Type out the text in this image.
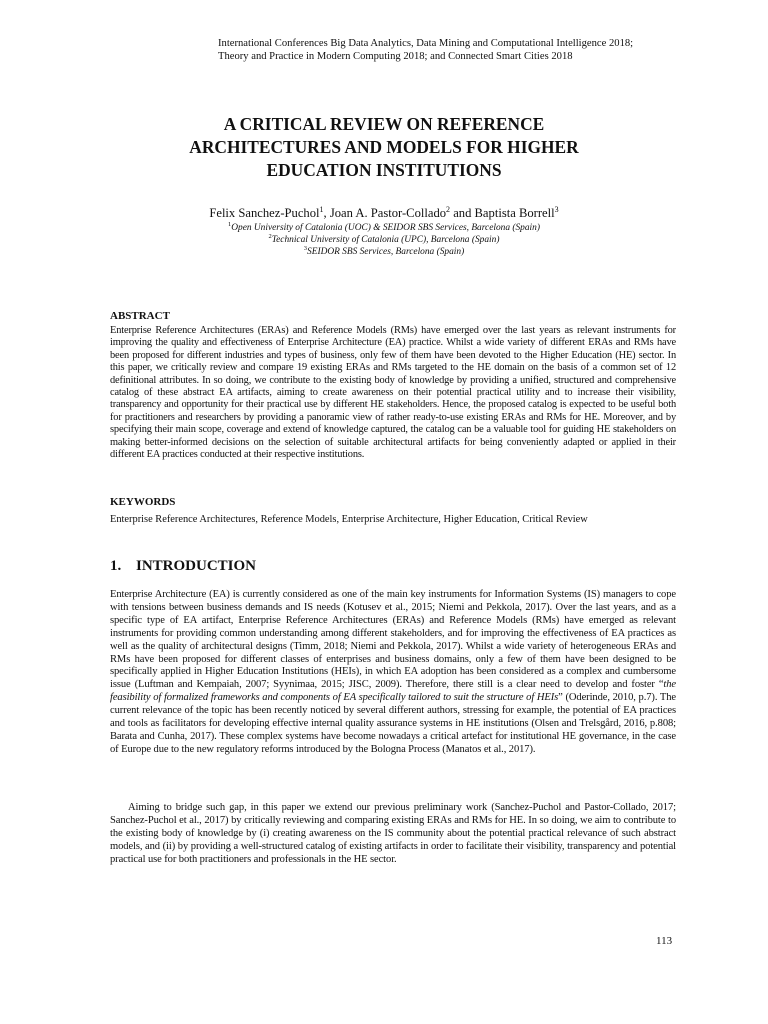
International Conferences Big Data Analytics, Data Mining and Computational Intelligence 2018;
Theory and Practice in Modern Computing 2018; and Connected Smart Cities 2018
A CRITICAL REVIEW ON REFERENCE
ARCHITECTURES AND MODELS FOR HIGHER
EDUCATION INSTITUTIONS
Felix Sanchez-Puchol$^1$, Joan A. Pastor-Collado$^2$ and Baptista Borrell$^3$
$^1$Open University of Catalonia (UOC) & SEIDOR SBS Services, Barcelona (Spain)
$^2$Technical University of Catalonia (UPC), Barcelona (Spain)
$^3$SEIDOR SBS Services, Barcelona (Spain)
ABSTRACT

Enterprise Reference Architectures (ERAs) and Reference Models (RMs) have emerged over the last years as relevant instruments for improving the quality and effectiveness of Enterprise Architecture (EA) practice. Whilst a wide variety of different ERAs and RMs have been proposed for different industries and types of business, only few of them have been devoted to the Higher Education (HE) sector. In this paper, we critically review and compare 19 existing ERAs and RMs targeted to the HE domain on the basis of a common set of 12 definitional attributes. In so doing, we contribute to the existing body of knowledge by providing a unified, structured and comprehensive catalog of these abstract EA artifacts, aiming to create awareness on their potential practical utility and to increase their visibility, transparency and opportunity for their practical use by different HE stakeholders. Hence, the proposed catalog is expected to be useful both for practitioners and researchers by providing a panoramic view of rather ready-to-use existing ERAs and RMs for HE. Moreover, and by specifying their main scope, coverage and extend of knowledge captured, the catalog can be a valuable tool for guiding HE stakeholders on making better-informed decisions on the selection of suitable architectural artifacts for being conveniently adapted or applied in their different EA practices conducted at their respective institutions.

KEYWORDS

Enterprise Reference Architectures, Reference Models, Enterprise Architecture, Higher Education, Critical Review

1. INTRODUCTION

Enterprise Architecture (EA) is currently considered as one of the main key instruments for Information Systems (IS) managers to cope with tensions between business demands and IS needs (Kotusev et al., 2015; Niemi and Pekkola, 2017). Over the last years, and as a specific type of EA artifact, Enterprise Reference Architectures (ERAs) and Reference Models (RMs) have emerged as relevant instruments for providing common understanding among different stakeholders, and for improving the effectiveness of EA practices as well as the quality of architectural designs (Timm, 2018; Niemi and Pekkola, 2017). Whilst a wide variety of heterogeneous ERAs and RMs have been proposed for different classes of enterprises and business domains, only a few of them have been designed to be specifically applied in Higher Education Institutions (HEIs), in which EA adoption has been considered as a complex and cumbersome issue (Luftman and Kempaiah, 2007; Syynimaa, 2015; JISC, 2009). Therefore, there still is a clear need to develop and foster “the feasibility of formalized frameworks and components of EA specifically tailored to suit the structure of HEIs” (Oderinde, 2010, p.7). The current relevance of the topic has been recently noticed by several different authors, stressing for example, the potential of EA practices and tools as facilitators for developing effective internal quality assurance systems in HE institutions (Olsen and Trelsgård, 2016, p.808; Barata and Cunha, 2017). These complex systems have become nowadays a critical artefact for institutional HE governance, in the case of Europe due to the new regulatory reforms introduced by the Bologna Process (Manatos et al., 2017).

Aiming to bridge such gap, in this paper we extend our previous preliminary work (Sanchez-Puchol and Pastor-Collado, 2017; Sanchez-Puchol et al., 2017) by critically reviewing and comparing existing ERAs and RMs for HE. In so doing, we aim to contribute to the existing body of knowledge by (i) creating awareness on the IS community about the potential practical relevance of such abstract models, and (ii) by providing a well-structured catalog of existing artifacts in order to facilitate their visibility, transparency and potential practical use for both practitioners and professionals in the HE sector.

113
